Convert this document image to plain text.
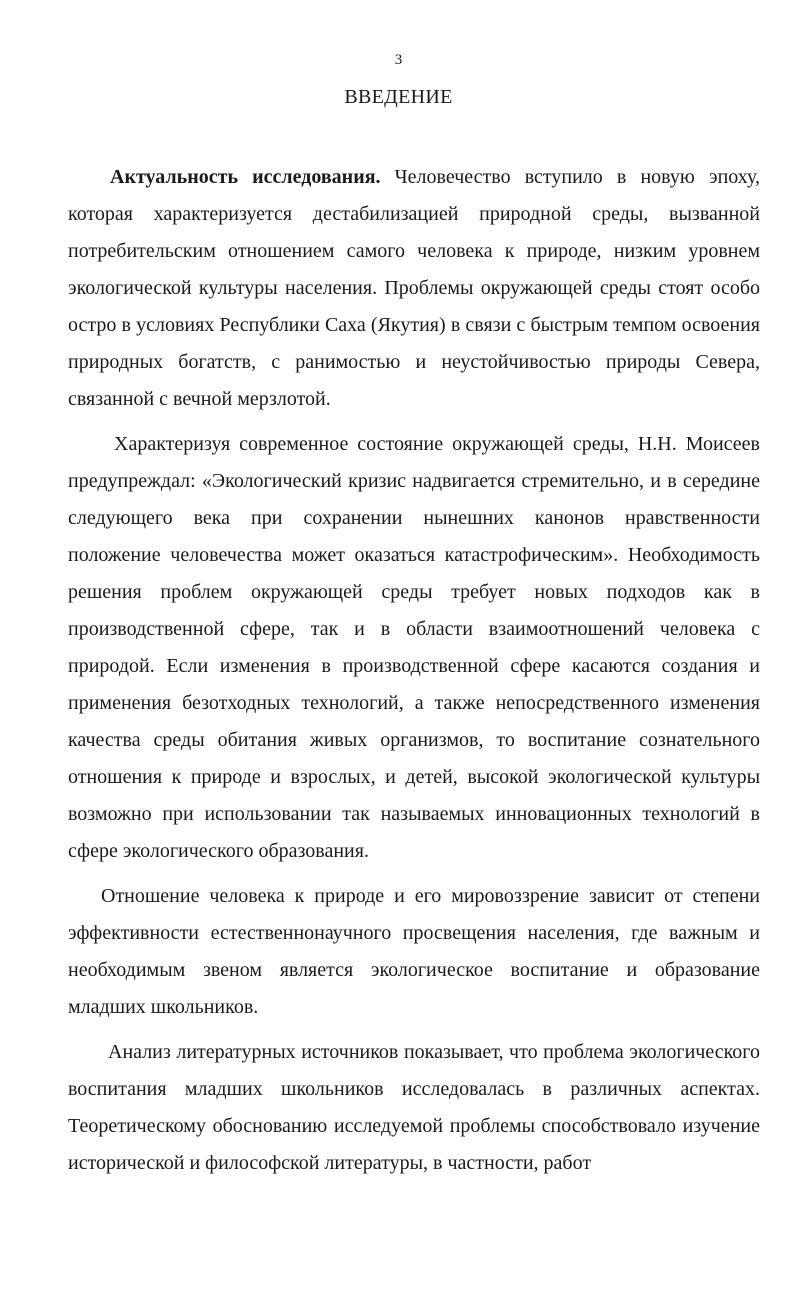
3
ВВЕДЕНИЕ

Актуальность исследования. Человечество вступило в новую эпоху, которая характеризуется дестабилизацией природной среды, вызванной потребительским отношением самого человека к природе, низким уровнем экологической культуры населения. Проблемы окружающей среды стоят особо остро в условиях Республики Саха (Якутия) в связи с быстрым темпом освоения природных богатств, с ранимостью и неустойчивостью природы Севера, связанной с вечной мерзлотой.

Характеризуя современное состояние окружающей среды, Н.Н. Моисеев предупреждал: «Экологический кризис надвигается стремительно, и в середине следующего века при сохранении нынешних канонов нравственности положение человечества может оказаться катастрофическим». Необходимость решения проблем окружающей среды требует новых подходов как в производственной сфере, так и в области взаимоотношений человека с природой. Если изменения в производственной сфере касаются создания и применения безотходных технологий, а также непосредственного изменения качества среды обитания живых организмов, то воспитание сознательного отношения к природе и взрослых, и детей, высокой экологической культуры возможно при использовании так называемых инновационных технологий в сфере экологического образования.

Отношение человека к природе и его мировоззрение зависит от степени эффективности естественнонаучного просвещения населения, где важным и необходимым звеном является экологическое воспитание и образование младших школьников.

Анализ литературных источников показывает, что проблема экологического воспитания младших школьников исследовалась в различных аспектах. Теоретическому обоснованию исследуемой проблемы способствовало изучение исторической и философской литературы, в частности, работ
